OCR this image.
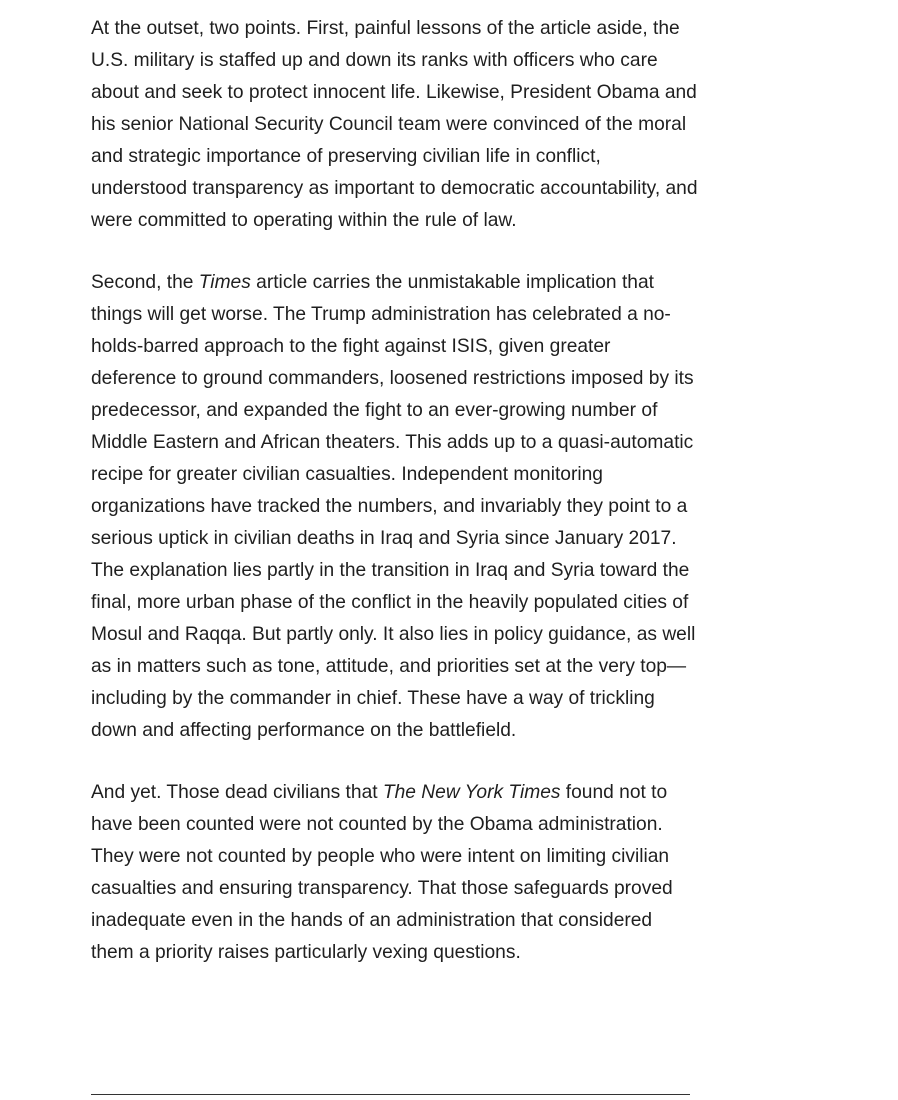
At the outset, two points. First, painful lessons of the article aside, the U.S. military is staffed up and down its ranks with officers who care about and seek to protect innocent life. Likewise, President Obama and his senior National Security Council team were convinced of the moral and strategic importance of preserving civilian life in conflict, understood transparency as important to democratic accountability, and were committed to operating within the rule of law.

Second, the Times article carries the unmistakable implication that things will get worse. The Trump administration has celebrated a no-holds-barred approach to the fight against ISIS, given greater deference to ground commanders, loosened restrictions imposed by its predecessor, and expanded the fight to an ever-growing number of Middle Eastern and African theaters. This adds up to a quasi-automatic recipe for greater civilian casualties. Independent monitoring organizations have tracked the numbers, and invariably they point to a serious uptick in civilian deaths in Iraq and Syria since January 2017. The explanation lies partly in the transition in Iraq and Syria toward the final, more urban phase of the conflict in the heavily populated cities of Mosul and Raqqa. But partly only. It also lies in policy guidance, as well as in matters such as tone, attitude, and priorities set at the very top—including by the commander in chief. These have a way of trickling down and affecting performance on the battlefield.

And yet. Those dead civilians that The New York Times found not to have been counted were not counted by the Obama administration. They were not counted by people who were intent on limiting civilian casualties and ensuring transparency. That those safeguards proved inadequate even in the hands of an administration that considered them a priority raises particularly vexing questions.
